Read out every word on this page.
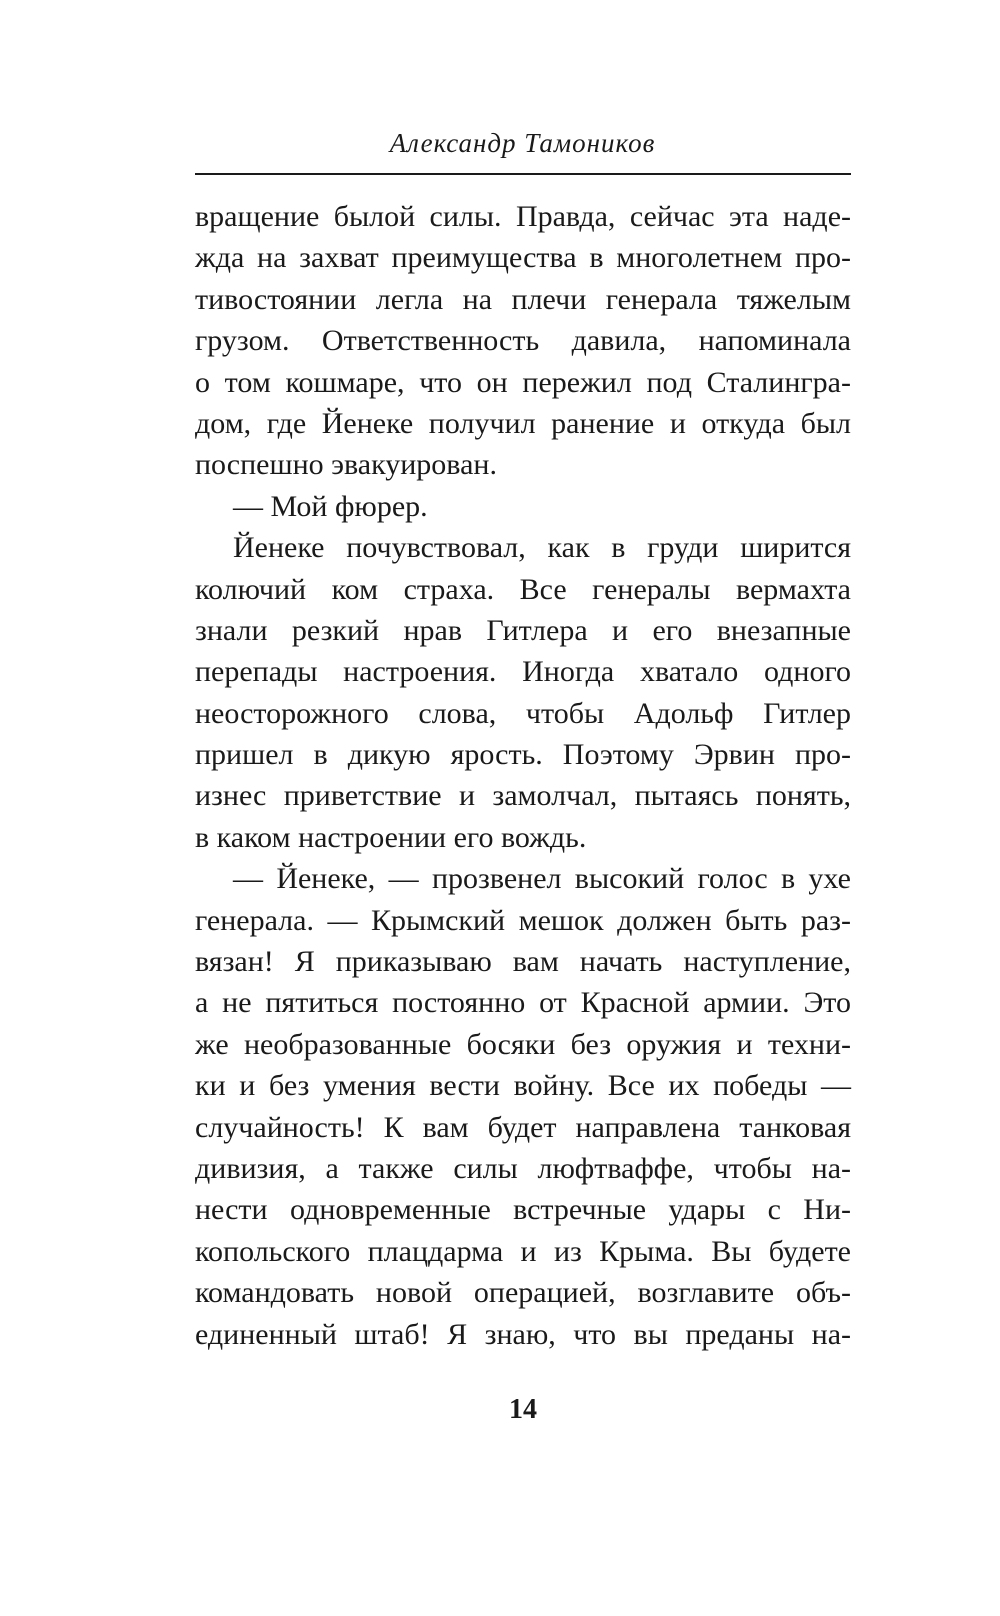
Александр Тамоников
вращение былой силы. Правда, сейчас эта наде-
жда на захват преимущества в многолетнем про-
тивостоянии легла на плечи генерала тяжелым
грузом. Ответственность давила, напоминала
о том кошмаре, что он пережил под Сталингра-
дом, где Йенеке получил ранение и откуда был
поспешно эвакуирован.
— Мой фюрер.
Йенеке почувствовал, как в груди ширится
колючий ком страха. Все генералы вермахта
знали резкий нрав Гитлера и его внезапные
перепады настроения. Иногда хватало одного
неосторожного слова, чтобы Адольф Гитлер
пришел в дикую ярость. Поэтому Эрвин про-
изнес приветствие и замолчал, пытаясь понять,
в каком настроении его вождь.
— Йенеке, — прозвенел высокий голос в ухе
генерала. — Крымский мешок должен быть раз-
вязан! Я приказываю вам начать наступление,
а не пятиться постоянно от Красной армии. Это
же необразованные босяки без оружия и техни-
ки и без умения вести войну. Все их победы —
случайность! К вам будет направлена танковая
дивизия, а также силы люфтваффе, чтобы на-
нести одновременные встречные удары с Ни-
копольского плацдарма и из Крыма. Вы будете
командовать новой операцией, возглавите объ-
единенный штаб! Я знаю, что вы преданы на-
14
